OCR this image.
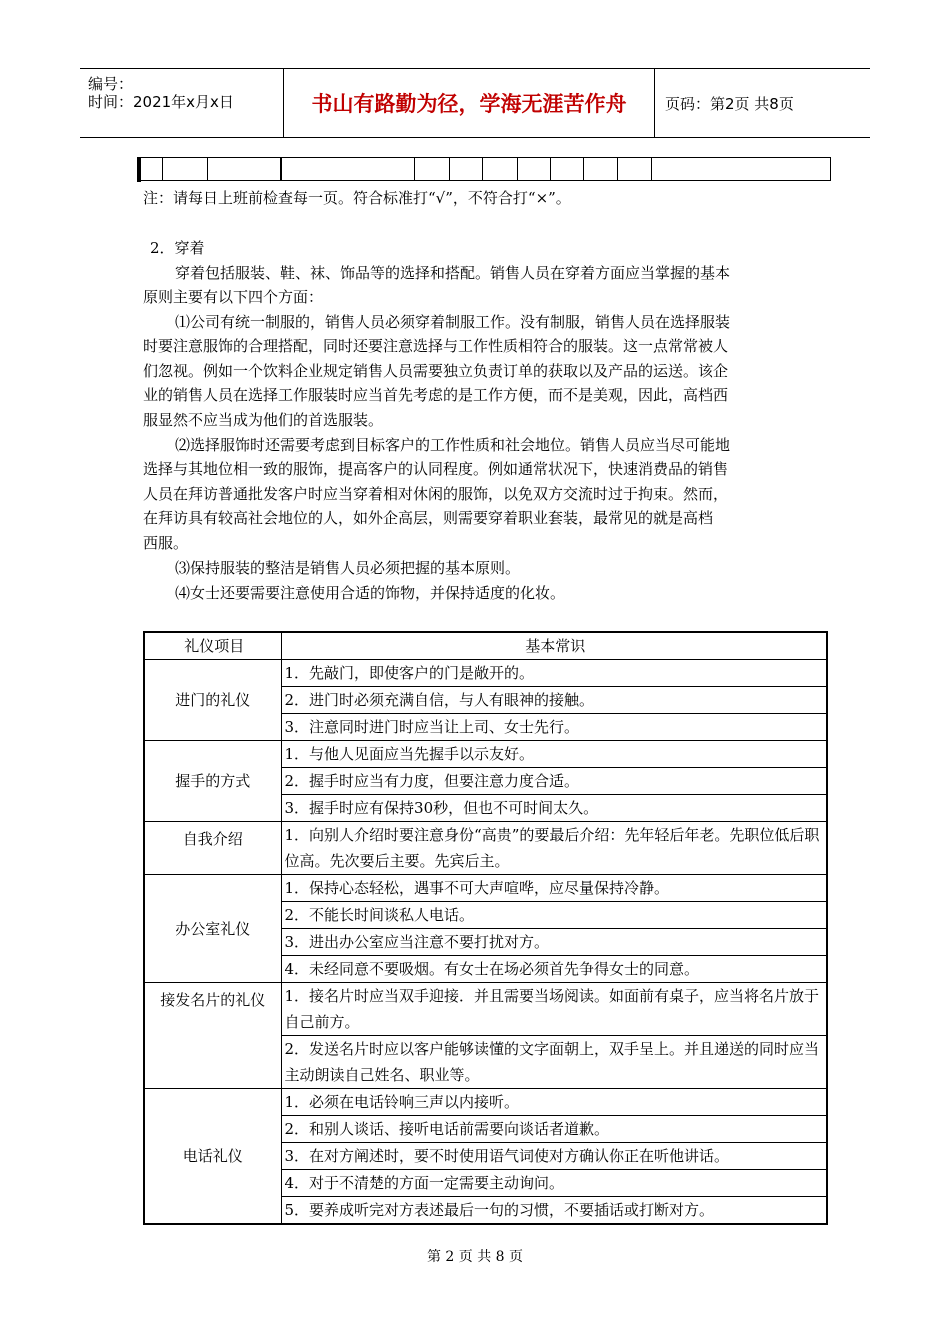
编号：
时间：2021年x月x日	书山有路勤为径，学海无涯苦作舟	页码：第2页 共8页
注：请每日上班前检查每一页。符合标准打“√”，不符合打“×”。
2．穿着
穿着包括服装、鞋、袜、饰品等的选择和搭配。销售人员在穿着方面应当掌握的基本
原则主要有以下四个方面：
⑴公司有统一制服的，销售人员必须穿着制服工作。没有制服，销售人员在选择服装
时要注意服饰的合理搭配，同时还要注意选择与工作性质相符合的服装。这一点常常被人
们忽视。例如一个饮料企业规定销售人员需要独立负责订单的获取以及产品的运送。该企
业的销售人员在选择工作服装时应当首先考虑的是工作方便，而不是美观，因此，高档西
服显然不应当成为他们的首选服装。
⑵选择服饰时还需要考虑到目标客户的工作性质和社会地位。销售人员应当尽可能地
选择与其地位相一致的服饰，提高客户的认同程度。例如通常状况下，快速消费品的销售
人员在拜访普通批发客户时应当穿着相对休闲的服饰，以免双方交流时过于拘束。然而，
在拜访具有较高社会地位的人，如外企高层，则需要穿着职业套装，最常见的就是高档
西服。
⑶保持服装的整洁是销售人员必须把握的基本原则。
⑷女士还要需要注意使用合适的饰物，并保持适度的化妆。
礼仪项目	基本常识
进门的礼仪	1．先敲门，即使客户的门是敞开的。
	2．进门时必须充满自信，与人有眼神的接触。
	3．注意同时进门时应当让上司、女士先行。
握手的方式	1．与他人见面应当先握手以示友好。
	2．握手时应当有力度，但要注意力度合适。
	3．握手时应有保持30秒，但也不可时间太久。
自我介绍	1．向别人介绍时要注意身份“高贵”的要最后介绍：先年轻后年老。先职位低后职位高。先次要后主要。先宾后主。
办公室礼仪	1．保持心态轻松，遇事不可大声喧哗，应尽量保持冷静。
	2．不能长时间谈私人电话。
	3．进出办公室应当注意不要打扰对方。
	4．未经同意不要吸烟。有女士在场必须首先争得女士的同意。
接发名片的礼仪	1．接名片时应当双手迎接．并且需要当场阅读。如面前有桌子，应当将名片放于自己前方。
	2．发送名片时应以客户能够读懂的文字面朝上，双手呈上。并且递送的同时应当主动朗读自己姓名、职业等。
电话礼仪	1．必须在电话铃响三声以内接听。
	2．和别人谈话、接听电话前需要向谈话者道歉。
	3．在对方阐述时，要不时使用语气词使对方确认你正在听他讲话。
	4．对于不清楚的方面一定需要主动询问。
	5．要养成听完对方表述最后一句的习惯，不要插话或打断对方。
第 2 页 共 8 页
